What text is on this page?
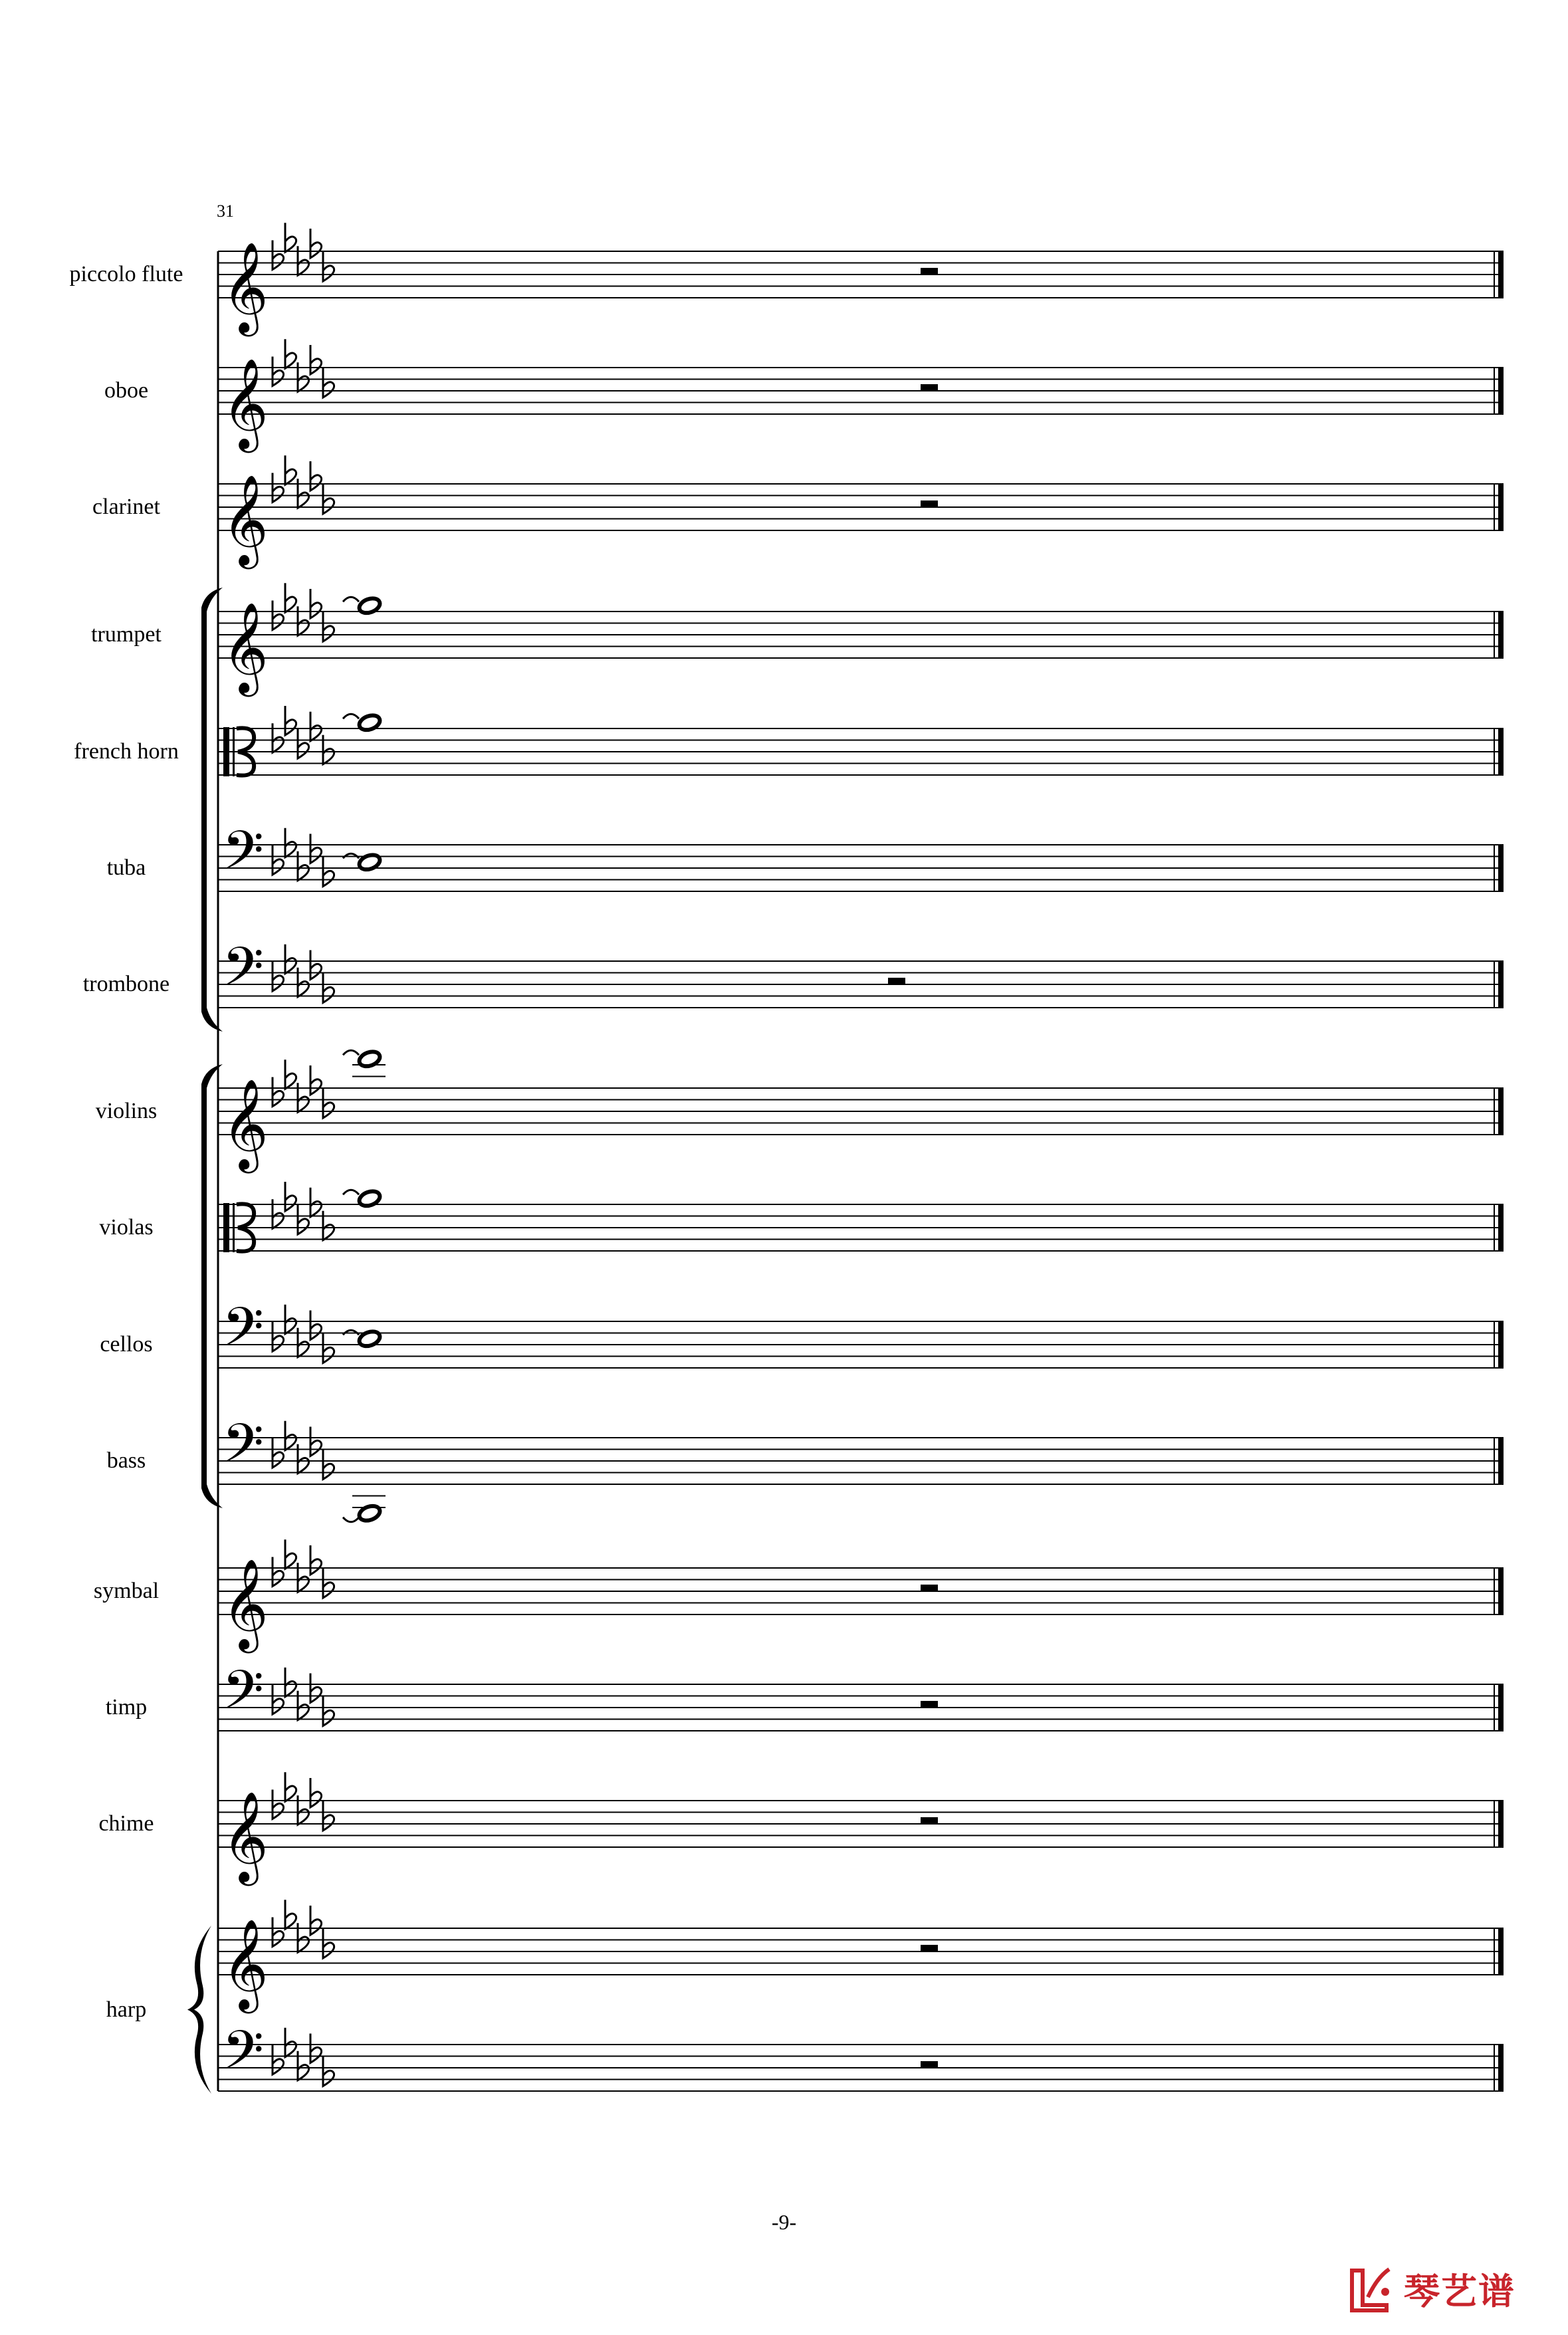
𝄞
𝄞
𝄞
𝄞
𝄢
𝄢
𝄞
𝄢
𝄢
𝄞
𝄢
𝄞
𝄞
𝄢
31
piccolo flute
oboe
clarinet
trumpet
french horn
tuba
trombone
violins
violas
cellos
bass
symbal
timp
chime
harp
-9-
琴艺谱
